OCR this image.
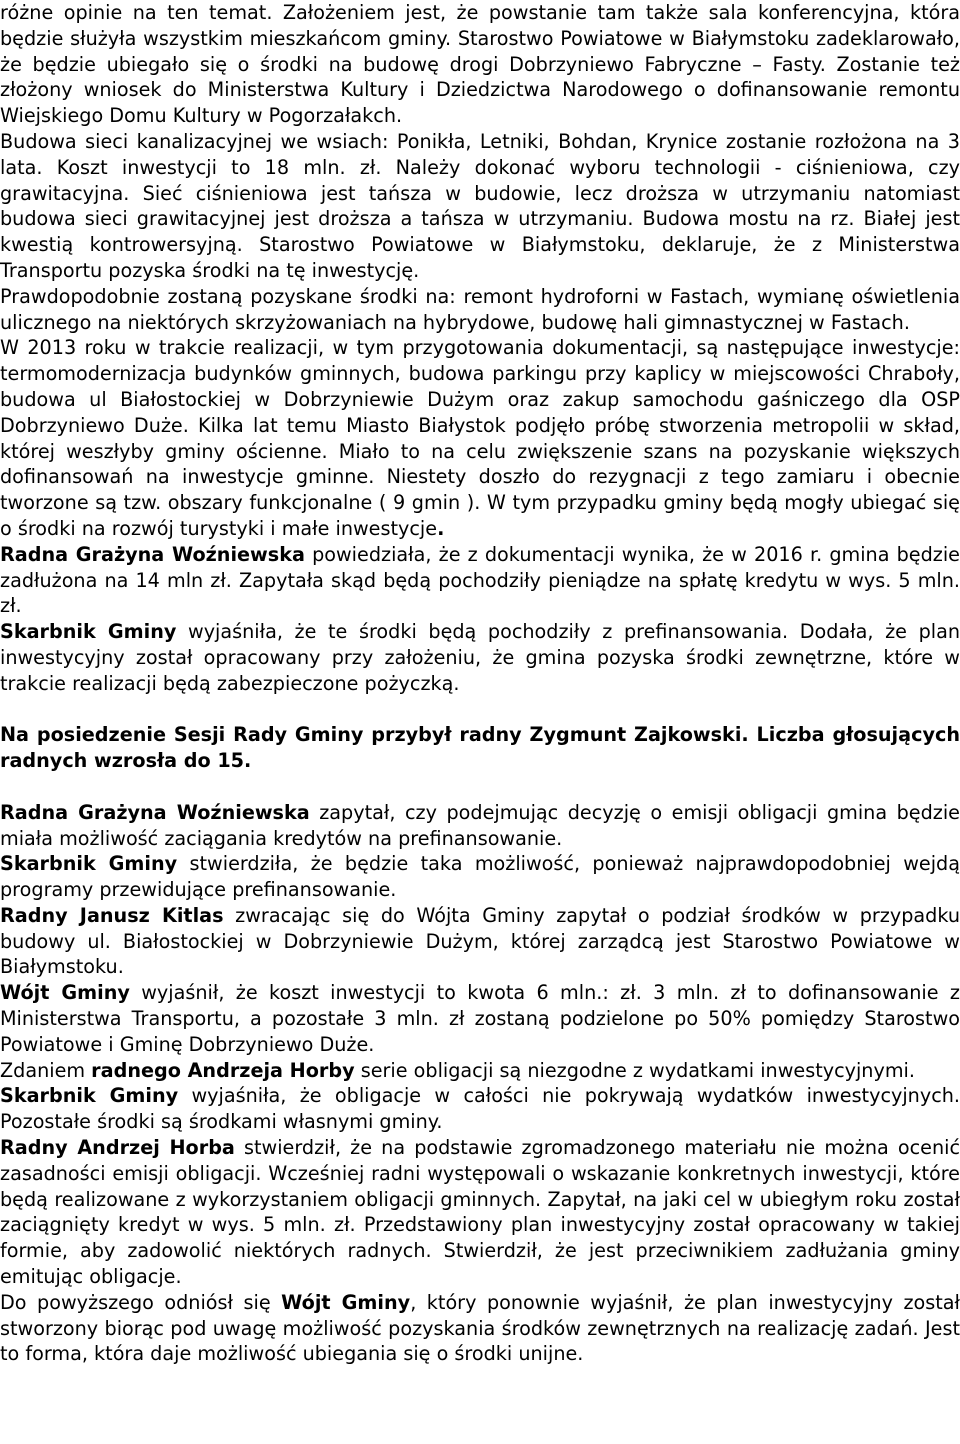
różne opinie na ten temat. Założeniem jest, że powstanie tam także sala konferencyjna, która będzie służyła wszystkim mieszkańcom gminy. Starostwo Powiatowe w Białymstoku zadeklarowało, że będzie ubiegało się o środki na budowę drogi Dobrzyniewo Fabryczne – Fasty. Zostanie też złożony wniosek do Ministerstwa Kultury i Dziedzictwa Narodowego o dofinansowanie remontu Wiejskiego Domu Kultury w Pogorzałakch.

Budowa sieci kanalizacyjnej we wsiach: Ponikła, Letniki, Bohdan, Krynice zostanie rozłożona na 3 lata. Koszt inwestycji to 18 mln. zł. Należy dokonać wyboru technologii - ciśnieniowa, czy grawitacyjna. Sieć ciśnieniowa jest tańsza w budowie, lecz droższa w utrzymaniu natomiast budowa sieci grawitacyjnej jest droższa a tańsza w utrzymaniu. Budowa mostu na rz. Białej jest kwestią kontrowersyjną. Starostwo Powiatowe w Białymstoku, deklaruje, że z Ministerstwa Transportu pozyska środki na tę inwestycję.

Prawdopodobnie zostaną pozyskane środki na: remont hydroforni w Fastach, wymianę oświetlenia ulicznego na niektórych skrzyżowaniach na hybrydowe, budowę hali gimnastycznej w Fastach.

W 2013 roku w trakcie realizacji, w tym przygotowania dokumentacji, są następujące inwestycje: termomodernizacja budynków gminnych, budowa parkingu przy kaplicy w miejscowości Chraboły, budowa ul Białostockiej w Dobrzyniewie Dużym oraz zakup samochodu gaśniczego dla OSP Dobrzyniewo Duże. Kilka lat temu Miasto Białystok podjęło próbę stworzenia metropolii w skład, której weszłyby gminy ościenne. Miało to na celu zwiększenie szans na pozyskanie większych dofinansowań na inwestycje gminne. Niestety doszło do rezygnacji z tego zamiaru i obecnie tworzone są tzw. obszary funkcjonalne ( 9 gmin ). W tym przypadku gminy będą mogły ubiegać się o środki na rozwój turystyki i małe inwestycje.

Radna Grażyna Woźniewska powiedziała, że z dokumentacji wynika, że w 2016 r. gmina będzie zadłużona na 14 mln zł. Zapytała skąd będą pochodziły pieniądze na spłatę kredytu w wys. 5 mln. zł.

Skarbnik Gminy wyjaśniła, że te środki będą pochodziły z prefinansowania. Dodała, że plan inwestycyjny został opracowany przy założeniu, że gmina pozyska środki zewnętrzne, które w trakcie realizacji będą zabezpieczone pożyczką.

Na posiedzenie Sesji Rady Gminy przybył radny Zygmunt Zajkowski. Liczba głosujących radnych wzrosła do 15.

Radna Grażyna Woźniewska zapytał, czy podejmując decyzję o emisji obligacji gmina będzie miała możliwość zaciągania kredytów na prefinansowanie.

Skarbnik Gminy stwierdziła, że będzie taka możliwość, ponieważ najprawdopodobniej wejdą programy przewidujące prefinansowanie.

Radny Janusz Kitlas zwracając się do Wójta Gminy zapytał o podział środków w przypadku budowy ul. Białostockiej w Dobrzyniewie Dużym, której zarządcą jest Starostwo Powiatowe w Białymstoku.

Wójt Gminy wyjaśnił, że koszt inwestycji to kwota 6 mln.: zł. 3 mln. zł to dofinansowanie z Ministerstwa Transportu, a pozostałe 3 mln. zł zostaną podzielone po 50% pomiędzy Starostwo Powiatowe i Gminę Dobrzyniewo Duże.

Zdaniem radnego Andrzeja Horby serie obligacji są niezgodne z wydatkami inwestycyjnymi.

Skarbnik Gminy wyjaśniła, że obligacje w całości nie pokrywają wydatków inwestycyjnych. Pozostałe środki są środkami własnymi gminy.

Radny Andrzej Horba stwierdził, że na podstawie zgromadzonego materiału nie można ocenić zasadności emisji obligacji. Wcześniej radni występowali o wskazanie konkretnych inwestycji, które będą realizowane z wykorzystaniem obligacji gminnych. Zapytał, na jaki cel w ubiegłym roku został zaciągnięty kredyt w wys. 5 mln. zł. Przedstawiony plan inwestycyjny został opracowany w takiej formie, aby zadowolić niektórych radnych. Stwierdził, że jest przeciwnikiem zadłużania gminy emitując obligacje.

Do powyższego odniósł się Wójt Gminy, który ponownie wyjaśnił, że plan inwestycyjny został stworzony biorąc pod uwagę możliwość pozyskania środków zewnętrznych na realizację zadań. Jest to forma, która daje możliwość ubiegania się o środki unijne.
